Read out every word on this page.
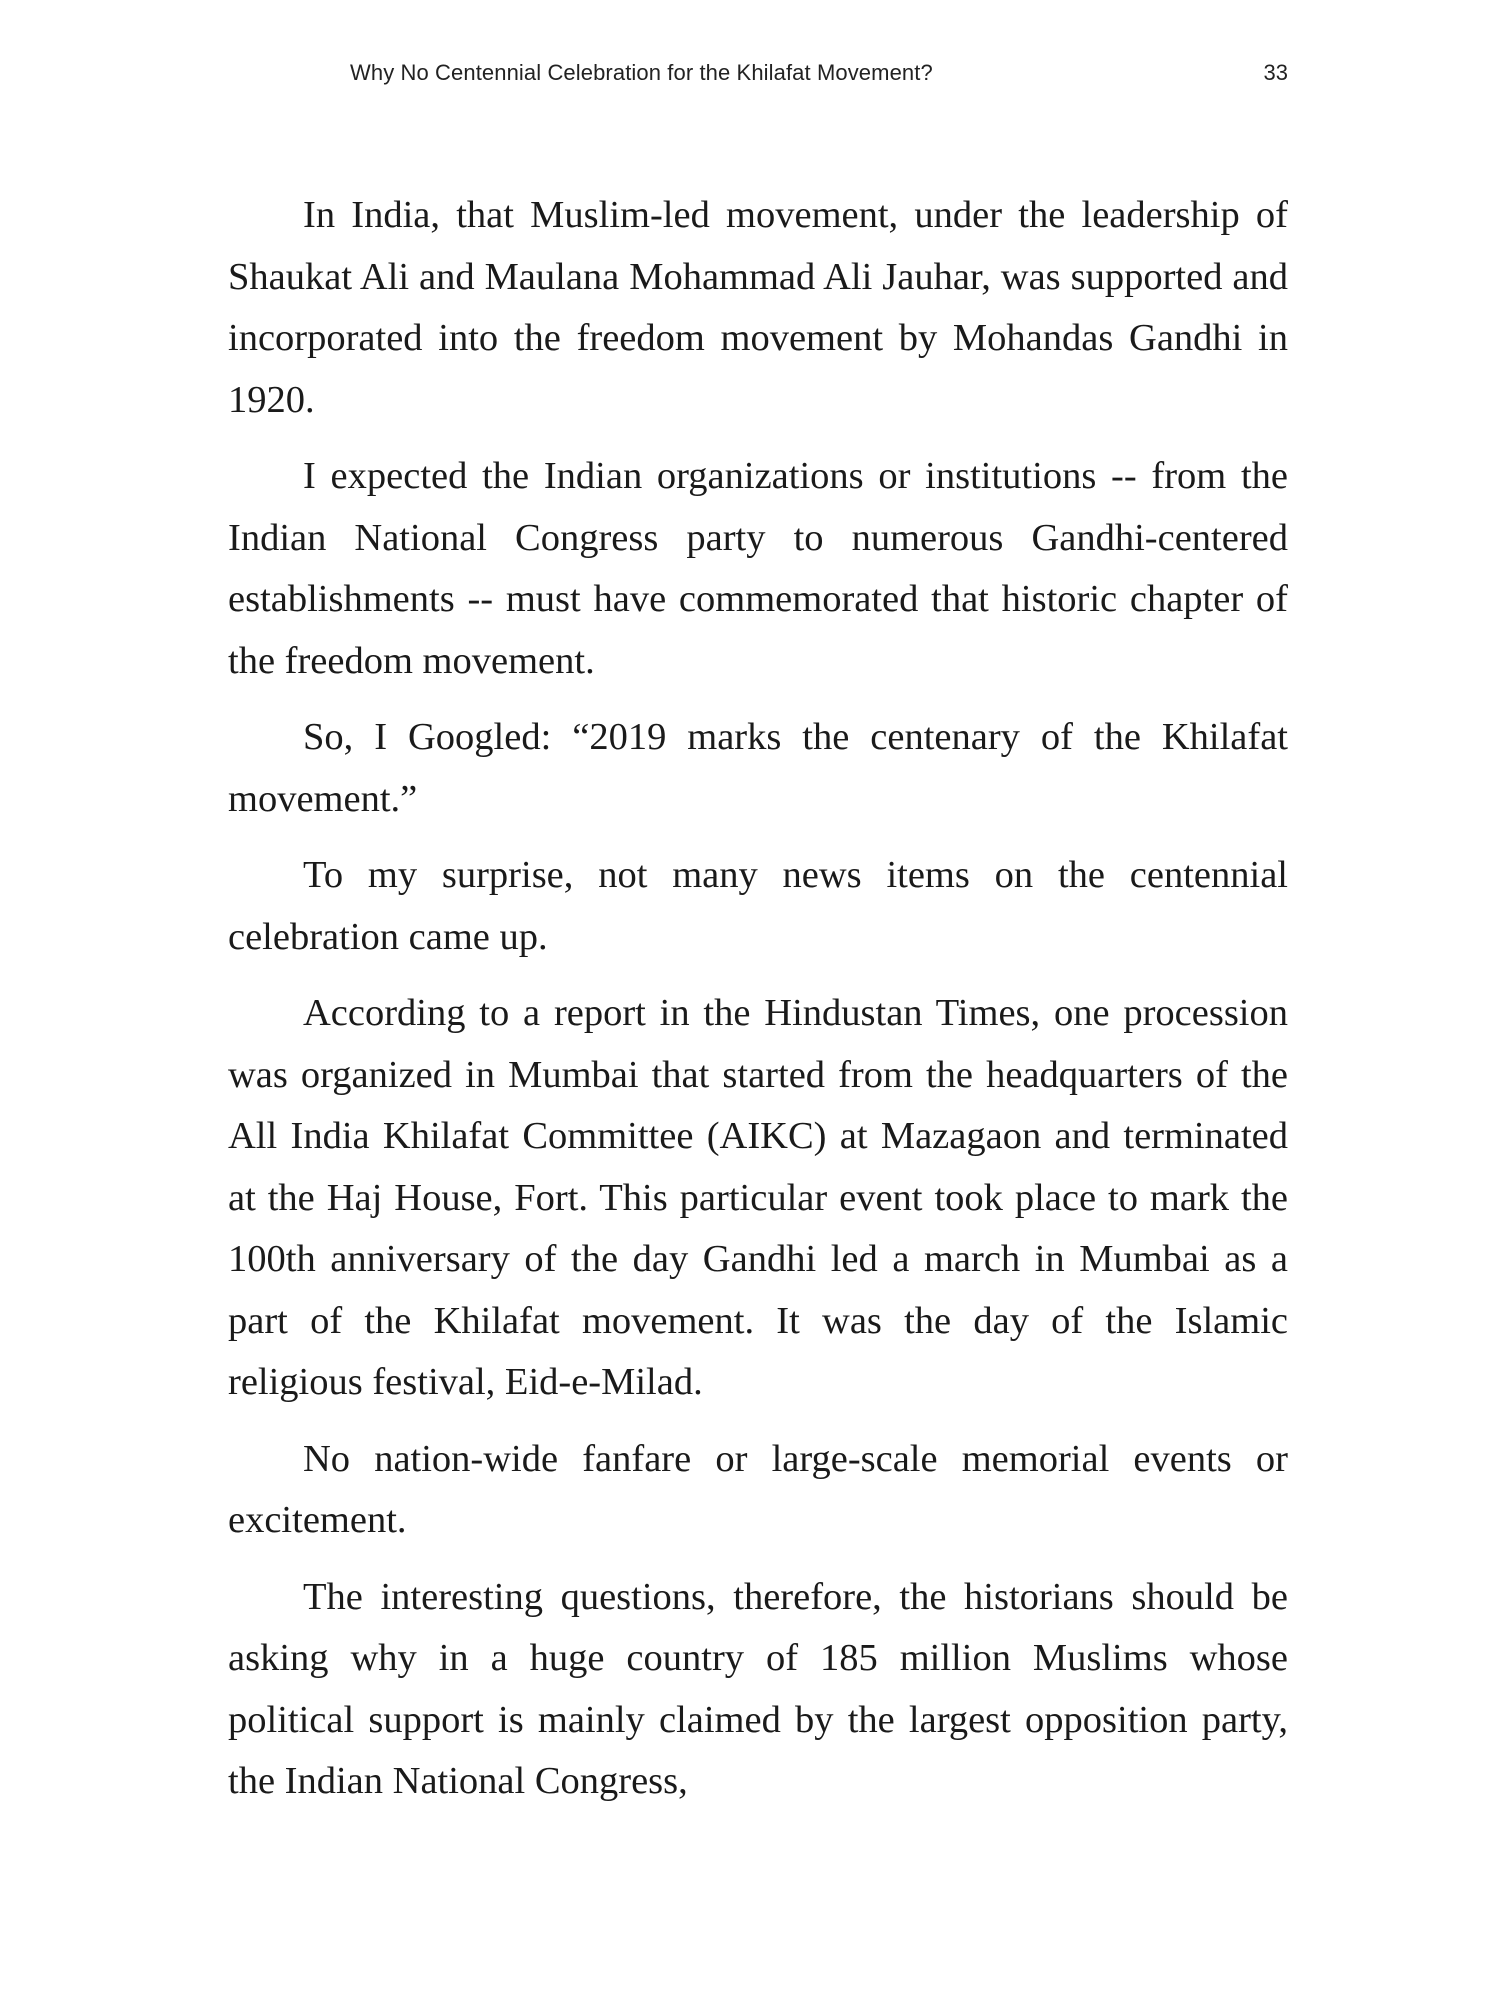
Why No Centennial Celebration for the Khilafat Movement?	33

In India, that Muslim-led movement, under the leadership of Shaukat Ali and Maulana Mohammad Ali Jauhar, was supported and incorporated into the freedom movement by Mohandas Gandhi in 1920.

I expected the Indian organizations or institutions -- from the Indian National Congress party to numerous Gandhi-centered establishments -- must have commemorated that historic chapter of the freedom movement.

So, I Googled: “2019 marks the centenary of the Khilafat movement.”

To my surprise, not many news items on the centennial celebration came up.

According to a report in the Hindustan Times, one procession was organized in Mumbai that started from the headquarters of the All India Khilafat Committee (AIKC) at Mazagaon and terminated at the Haj House, Fort. This particular event took place to mark the 100th anniversary of the day Gandhi led a march in Mumbai as a part of the Khilafat movement. It was the day of the Islamic religious festival, Eid-e-Milad.

No nation-wide fanfare or large-scale memorial events or excitement.

The interesting questions, therefore, the historians should be asking why in a huge country of 185 million Muslims whose political support is mainly claimed by the largest opposition party, the Indian National Congress,
